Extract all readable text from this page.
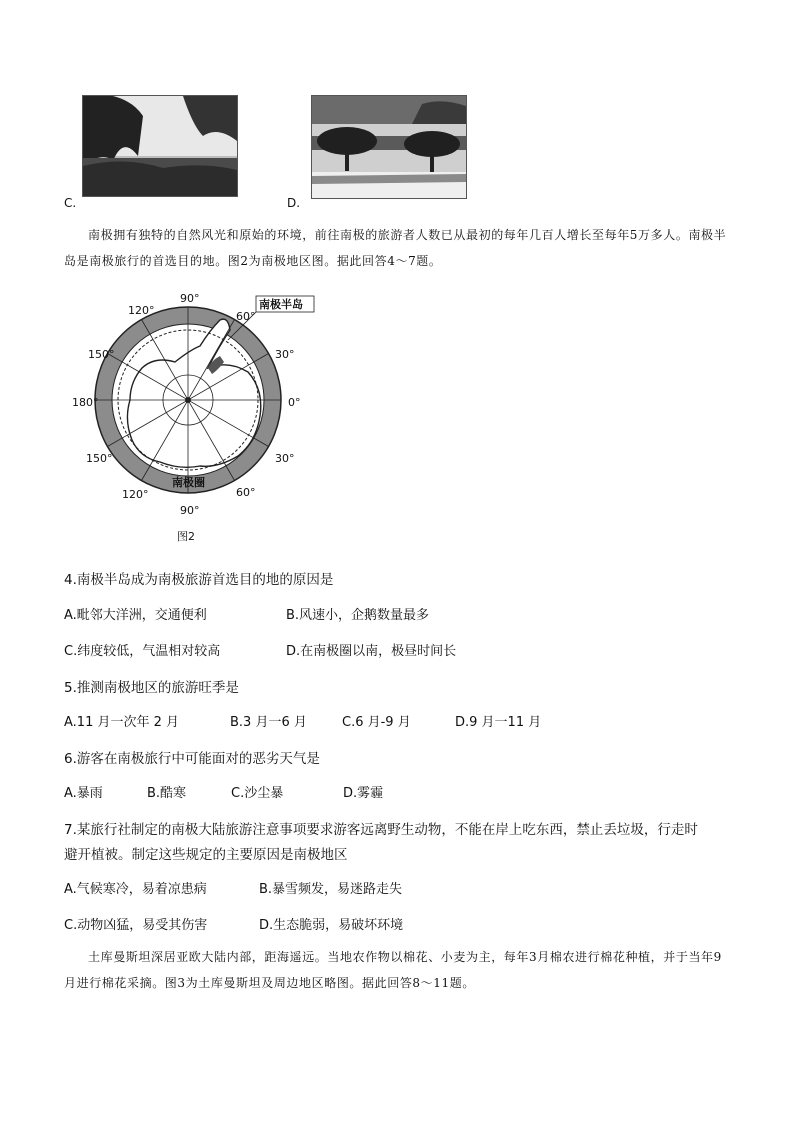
C.	D.
南极拥有独特的自然风光和原始的环境，前往南极的旅游者人数已从最初的每年几百人增长至每年5万多人。南极半岛是南极旅行的首选目的地。图2为南极地区图。据此回答4～7题。
90°
120°	60°
南极半岛
150°	30°
180°	0°
150°	30°
120°	60°
90°
南极圈
图2
4.南极半岛成为南极旅游首选目的地的原因是
A.毗邻大洋洲，交通便利	B.风速小，企鹅数量最多
C.纬度较低，气温相对较高	D.在南极圈以南，极昼时间长
5.推测南极地区的旅游旺季是
A.11 月一次年 2 月	B.3 月一6 月	C.6 月-9 月	D.9 月一11 月
6.游客在南极旅行中可能面对的恶劣天气是
A.暴雨	B.酷寒	C.沙尘暴	D.雾霾
7.某旅行社制定的南极大陆旅游注意事项要求游客远离野生动物，不能在岸上吃东西，禁止丢垃圾，行走时
避开植被。制定这些规定的主要原因是南极地区
A.气候寒冷，易着凉患病	B.暴雪频发，易迷路走失
C.动物凶猛，易受其伤害	D.生态脆弱，易破坏环境
土库曼斯坦深居亚欧大陆内部，距海遥远。当地农作物以棉花、小麦为主，每年3月棉农进行棉花种植，并于当年9月进行棉花采摘。图3为土库曼斯坦及周边地区略图。据此回答8～11题。
